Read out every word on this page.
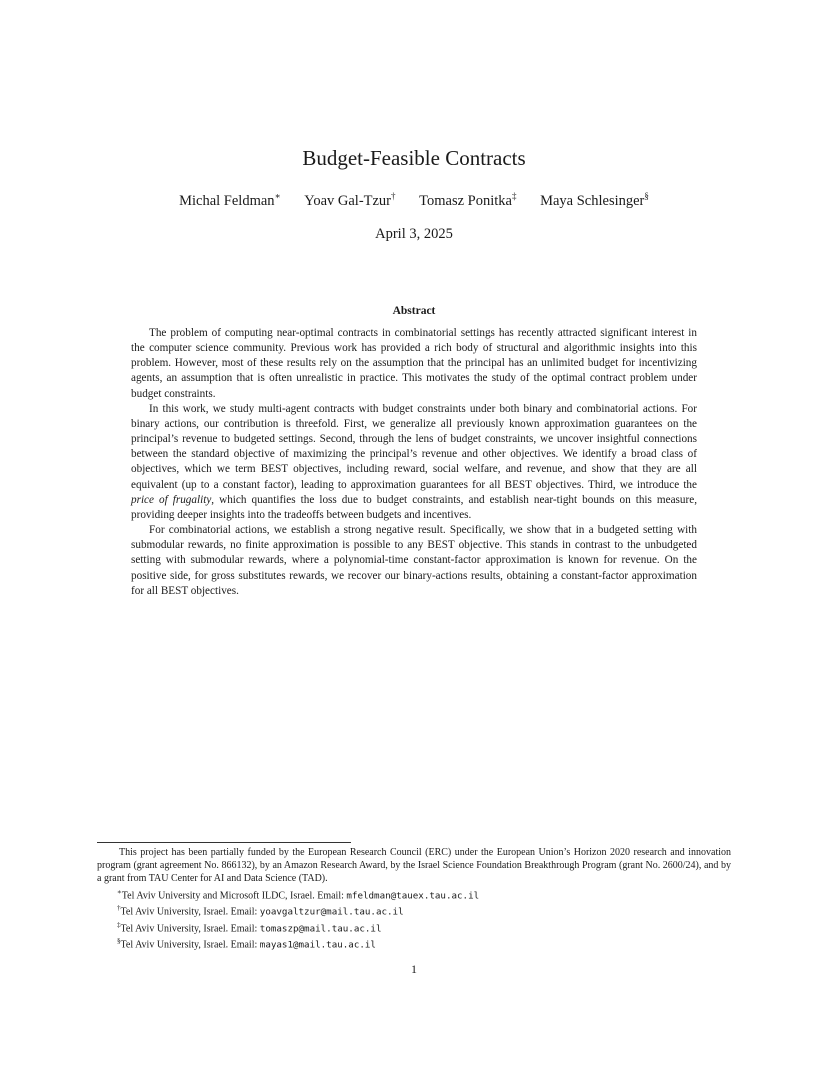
Budget-Feasible Contracts
Michal Feldman∗ Yoav Gal-Tzur† Tomasz Ponitka‡ Maya Schlesinger§
April 3, 2025
Abstract

The problem of computing near-optimal contracts in combinatorial settings has recently attracted significant interest in the computer science community. Previous work has provided a rich body of structural and algorithmic insights into this problem. However, most of these results rely on the assumption that the principal has an unlimited budget for incentivizing agents, an assumption that is often unrealistic in practice. This motivates the study of the optimal contract problem under budget constraints.

In this work, we study multi-agent contracts with budget constraints under both binary and combinatorial actions. For binary actions, our contribution is threefold. First, we generalize all previously known approximation guarantees on the principal’s revenue to budgeted settings. Second, through the lens of budget constraints, we uncover insightful connections between the standard objective of maximizing the principal’s revenue and other objectives. We identify a broad class of objectives, which we term BEST objectives, including reward, social welfare, and revenue, and show that they are all equivalent (up to a constant factor), leading to approximation guarantees for all BEST objectives. Third, we introduce the price of frugality, which quantifies the loss due to budget constraints, and establish near-tight bounds on this measure, providing deeper insights into the tradeoffs between budgets and incentives.

For combinatorial actions, we establish a strong negative result. Specifically, we show that in a budgeted setting with submodular rewards, no finite approximation is possible to any BEST objective. This stands in contrast to the unbudgeted setting with submodular rewards, where a polynomial-time constant-factor approximation is known for revenue. On the positive side, for gross substitutes rewards, we recover our binary-actions results, obtaining a constant-factor approximation for all BEST objectives.

This project has been partially funded by the European Research Council (ERC) under the European Union’s Horizon 2020 research and innovation program (grant agreement No. 866132), by an Amazon Research Award, by the Israel Science Foundation Breakthrough Program (grant No. 2600/24), and by a grant from TAU Center for AI and Data Science (TAD).

∗Tel Aviv University and Microsoft ILDC, Israel. Email: mfeldman@tauex.tau.ac.il

†Tel Aviv University, Israel. Email: yoavgaltzur@mail.tau.ac.il

‡Tel Aviv University, Israel. Email: tomaszp@mail.tau.ac.il

§Tel Aviv University, Israel. Email: mayas1@mail.tau.ac.il

1
